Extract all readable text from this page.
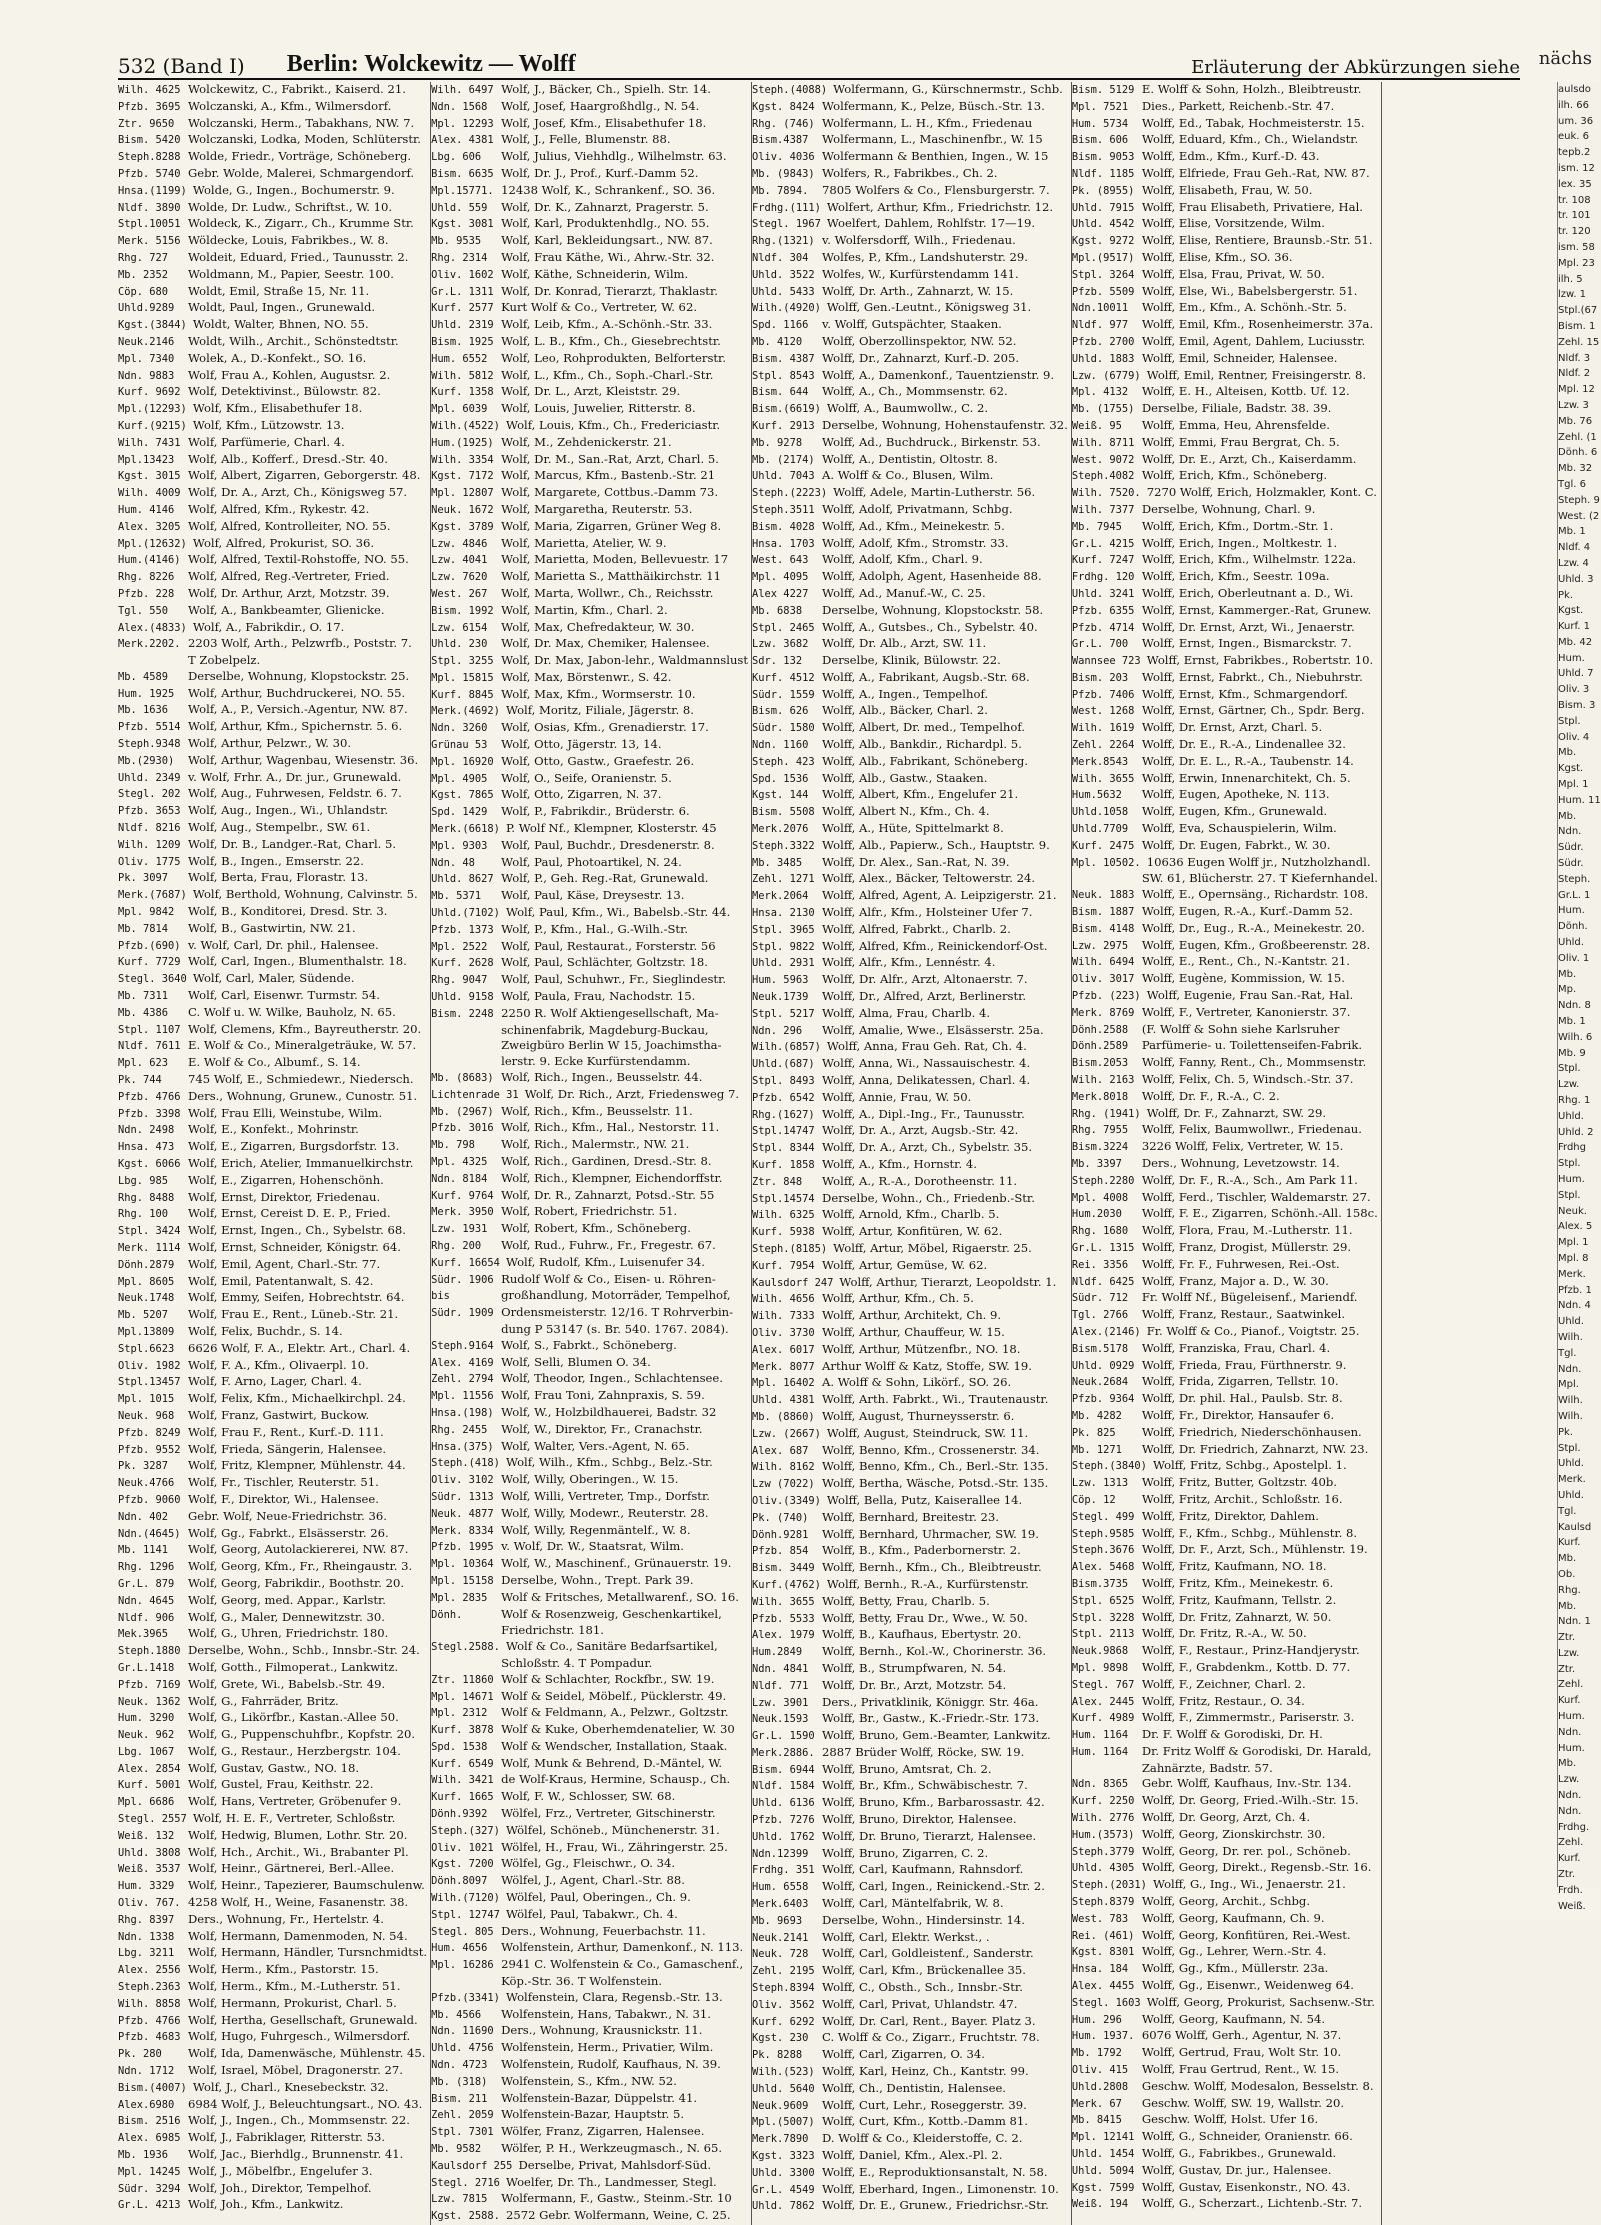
532 (Band I) Berlin: Wolckewitz — Wolff	Erläuterung der Abkürzungen siehe nächs
Wilh. 4625 Wolckewitz, C., Fabrikt., Kaiserd. 21.
Pfzb. 3695 Wolczanski, A., Kfm., Wilmersdorf.
Ztr. 9650	Wolczanski, Herm., Tabakhans, NW. 7.
Bism. 5420 Wolczanski, Lodka, Moden, Schlüterstr.
Steph.8288 Wolde, Friedr., Vorträge, Schöneberg.
Pfzb. 5740 Gebr. Wolde, Malerei, Schmargendorf.
Hnsa.(1199) Wolde, G., Ingen., Bochumerstr. 9.
Nldf. 3890 Wolde, Dr. Ludw., Schriftst., W. 10.
Stpl.10051 Woldeck, K., Zigarr., Ch., Krumme Str.
Merk. 5156 Wöldecke, Louis, Fabrikbes., W. 8.
Rhg. 727	Woldeit, Eduard, Fried., Taunusstr. 2.
Mb. 2352	Woldmann, M., Papier, Seestr. 100.
Cöp. 680	Woldt, Emil, Straße 15, Nr. 11.
Uhld.9289	Woldt, Paul, Ingen., Grunewald.
Kgst.(3844) Woldt, Walter, Bhnen, NO. 55.
Neuk.2146	Woldt, Wilh., Archit., Schönstedtstr.
Mpl. 7340	Wolek, A., D.-Konfekt., SO. 16.
Ndn. 9883	Wolf, Frau A., Kohlen, Augustsr. 2.
Kurf. 9692 Wolf, Detektivinst., Bülowstr. 82.
Mpl.(12293) Wolf, Kfm., Elisabethufer 18.
Kurf.(9215) Wolf, Kfm., Lützowstr. 13.
Wilh. 7431 Wolf, Parfümerie, Charl. 4.
Mpl.13423	Wolf, Alb., Kofferf., Dresd.-Str. 40.
Kgst. 3015 Wolf, Albert, Zigarren, Geborgerstr. 48.
Wilh. 4009 Wolf, Dr. A., Arzt, Ch., Königsweg 57.
Hum. 4146	Wolf, Alfred, Kfm., Rykestr. 42.
Alex. 3205 Wolf, Alfred, Kontrolleiter, NO. 55.
Mpl.(12632) Wolf, Alfred, Prokurist, SO. 36.
Hum.(4146) Wolf, Alfred, Textil-Rohstoffe, NO. 55.
Rhg. 8226	Wolf, Alfred, Reg.-Vertreter, Fried.
Pfzb. 228	Wolf, Dr. Arthur, Arzt, Motzstr. 39.
Tgl. 550	Wolf, A., Bankbeamter, Glienicke.
Alex.(4833) Wolf, A., Fabrikdir., O. 17.
Merk.2202. 2203 Wolf, Arth., Pelzwrfb., Poststr. 7.
T Zobelpelz.
Mb. 4589	Derselbe, Wohnung, Klopstockstr. 25.
Hum. 1925	Wolf, Arthur, Buchdruckerei, NO. 55.
Mb. 1636	Wolf, A., P., Versich.-Agentur, NW. 87.
Pfzb. 5514 Wolf, Arthur, Kfm., Spichernstr. 5. 6.
Steph.9348 Wolf, Arthur, Pelzwr., W. 30.
Mb.(2930)	Wolf, Arthur, Wagenbau, Wiesenstr. 36.
Uhld. 2349 v. Wolf, Frhr. A., Dr. jur., Grunewald.
Stegl. 202 Wolf, Aug., Fuhrwesen, Feldstr. 6. 7.
Pfzb. 3653 Wolf, Aug., Ingen., Wi., Uhlandstr.
Nldf. 8216 Wolf, Aug., Stempelbr., SW. 61.
Wilh. 1209 Wolf, Dr. B., Landger.-Rat, Charl. 5.
Oliv. 1775 Wolf, B., Ingen., Emserstr. 22.
Pk. 3097	Wolf, Berta, Frau, Florastr. 13.
Merk.(7687) Wolf, Berthold, Wohnung, Calvinstr. 5.
Mpl. 9842	Wolf, B., Konditorei, Dresd. Str. 3.
Mb. 7814	Wolf, B., Gastwirtin, NW. 21.
Pfzb.(690) v. Wolf, Carl, Dr. phil., Halensee.
Kurf. 7729 Wolf, Carl, Ingen., Blumenthalstr. 18.
Stegl. 3640 Wolf, Carl, Maler, Südende.
Mb. 7311	Wolf, Carl, Eisenwr. Turmstr. 54.
Mb. 4386	C. Wolf u. W. Wilke, Bauholz, N. 65.
Stpl. 1107 Wolf, Clemens, Kfm., Bayreutherstr. 20.
Nldf. 7611 E. Wolf & Co., Mineralgeträuke, W. 57.
Mpl. 623	E. Wolf & Co., Albumf., S. 14.
Pk. 744	745 Wolf, E., Schmiedewr., Niedersch.
Pfzb. 4766 Ders., Wohnung, Grunew., Cunostr. 51.
Pfzb. 3398 Wolf, Frau Elli, Weinstube, Wilm.
Ndn. 2498	Wolf, E., Konfekt., Mohrinstr.
Hnsa. 473	Wolf, E., Zigarren, Burgsdorfstr. 13.
Kgst. 6066 Wolf, Erich, Atelier, Immanuelkirchstr.
Lbg. 985	Wolf, E., Zigarren, Hohenschönh.
Rhg. 8488	Wolf, Ernst, Direktor, Friedenau.
Rhg. 100	Wolf, Ernst, Cereist D. E. P., Fried.
Stpl. 3424 Wolf, Ernst, Ingen., Ch., Sybelstr. 68.
Merk. 1114 Wolf, Ernst, Schneider, Königstr. 64.
Dönh.2879	Wolf, Emil, Agent, Charl.-Str. 77.
Mpl. 8605	Wolf, Emil, Patentanwalt, S. 42.
Neuk.1748	Wolf, Emmy, Seifen, Hobrechtstr. 64.
Mb. 5207	Wolf, Frau E., Rent., Lüneb.-Str. 21.
Mpl.13809	Wolf, Felix, Buchdr., S. 14.
Stpl.6623	6626 Wolf, F. A., Elektr. Art., Charl. 4.
Oliv. 1982 Wolf, F. A., Kfm., Olivaerpl. 10.
Stpl.13457 Wolf, F. Arno, Lager, Charl. 4.
Mpl. 1015	Wolf, Felix, Kfm., Michaelkirchpl. 24.
Neuk. 968	Wolf, Franz, Gastwirt, Buckow.
Pfzb. 8249 Wolf, Frau F., Rent., Kurf.-D. 111.
Pfzb. 9552 Wolf, Frieda, Sängerin, Halensee.
Pk. 3287	Wolf, Fritz, Klempner, Mühlenstr. 44.
Neuk.4766	Wolf, Fr., Tischler, Reuterstr. 51.
Pfzb. 9060 Wolf, F., Direktor, Wi., Halensee.
Ndn. 402	Gebr. Wolf, Neue-Friedrichstr. 36.
Ndn.(4645) Wolf, Gg., Fabrkt., Elsässerstr. 26.
Mb. 1141	Wolf, Georg, Autolackiererei, NW. 87.
Rhg. 1296	Wolf, Georg, Kfm., Fr., Rheingaustr. 3.
Gr.L. 879	Wolf, Georg, Fabrikdir., Boothstr. 20.
Ndn. 4645	Wolf, Georg, med. Appar., Karlstr.
Nldf. 906	Wolf, G., Maler, Dennewitzstr. 30.
Mek.3965	Wolf, G., Uhren, Friedrichstr. 180.
Steph.1880 Derselbe, Wohn., Schb., Innsbr.-Str. 24.
Gr.L.1418	Wolf, Gotth., Filmoperat., Lankwitz.
Pfzb. 7169 Wolf, Grete, Wi., Babelsb.-Str. 49.
Neuk. 1362 Wolf, G., Fahrräder, Britz.
Hum. 3290	Wolf, G., Likörfbr., Kastan.-Allee 50.
Neuk. 962	Wolf, G., Puppenschuhfbr., Kopfstr. 20.
Lbg. 1067	Wolf, G., Restaur., Herzbergstr. 104.
Alex. 2854 Wolf, Gustav, Gastw., NO. 18.
Kurf. 5001 Wolf, Gustel, Frau, Keithstr. 22.
Mpl. 6686	Wolf, Hans, Vertreter, Gröbenufer 9.
Stegl. 2557 Wolf, H. E. F., Vertreter, Schloßstr.
Weiß. 132	Wolf, Hedwig, Blumen, Lothr. Str. 20.
Uhld. 3808 Wolf, Hch., Archit., Wi., Brabanter Pl.
Weiß. 3537 Wolf, Heinr., Gärtnerei, Berl.-Allee.
Hum. 3329	Wolf, Heinr., Tapezierer, Baumschulenw.
Oliv. 767. 4258 Wolf, H., Weine, Fasanenstr. 38.
Rhg. 8397	Ders., Wohnung, Fr., Hertelstr. 4.
Ndn. 1338	Wolf, Hermann, Damenmoden, N. 54.
Lbg. 3211	Wolf, Hermann, Händler, Tursnchmidtst.
Alex. 2556 Wolf, Herm., Kfm., Pastorstr. 15.
Steph.2363 Wolf, Herm., Kfm., M.-Lutherstr. 51.
Wilh. 8858 Wolf, Hermann, Prokurist, Charl. 5.
Pfzb. 4766 Wolf, Hertha, Gesellschaft, Grunewald.
Pfzb. 4683 Wolf, Hugo, Fuhrgesch., Wilmersdorf.
Pk. 280	Wolf, Ida, Damenwäsche, Mühlenstr. 45.
Ndn. 1712	Wolf, Israel, Möbel, Dragonerstr. 27.
Bism.(4007) Wolf, J., Charl., Knesebeckstr. 32.
Alex.6980	6984 Wolf, J., Beleuchtungsart., NO. 43.
Bism. 2516 Wolf, J., Ingen., Ch., Mommsenstr. 22.
Alex. 6985 Wolf, J., Fabriklager, Ritterstr. 53.
Mb. 1936	Wolf, Jac., Bierhdlg., Brunnenstr. 41.
Mpl. 14245 Wolf, J., Möbelfbr., Engelufer 3.
Südr. 3294 Wolf, Joh., Direktor, Tempelhof.
Gr.L. 4213 Wolf, Joh., Kfm., Lankwitz.
Wilh. 6497 Wolf, J., Bäcker, Ch., Spielh. Str. 14.
Ndn. 1568	Wolf, Josef, Haargroßhdlg., N. 54.
Mpl. 12293 Wolf, Josef, Kfm., Elisabethufer 18.
Alex. 4381 Wolf, J., Felle, Blumenstr. 88.
Lbg. 606	Wolf, Julius, Viehhdlg., Wilhelmstr. 63.
Bism. 6635 Wolf, Dr. J., Prof., Kurf.-Damm 52.
Mpl.15771. 12438 Wolf, K., Schrankenf., SO. 36.
Uhld. 559	Wolf, Dr. K., Zahnarzt, Pragerstr. 5.
Kgst. 3081 Wolf, Karl, Produktenhdlg., NO. 55.
Mb. 9535	Wolf, Karl, Bekleidungsart., NW. 87.
Rhg. 2314	Wolf, Frau Käthe, Wi., Ahrw.-Str. 32.
Oliv. 1602 Wolf, Käthe, Schneiderin, Wilm.
Gr.L. 1311 Wolf, Dr. Konrad, Tierarzt, Thaklastr.
Kurf. 2577 Kurt Wolf & Co., Vertreter, W. 62.
Uhld. 2319 Wolf, Leib, Kfm., A.-Schönh.-Str. 33.
Bism. 1925 Wolf, L. B., Kfm., Ch., Giesebrechtstr.
Hum. 6552	Wolf, Leo, Rohprodukten, Belforterstr.
Wilh. 5812 Wolf, L., Kfm., Ch., Soph.-Charl.-Str.
Kurf. 1358 Wolf, Dr. L., Arzt, Kleiststr. 29.
Mpl. 6039	Wolf, Louis, Juwelier, Ritterstr. 8.
Wilh.(4522) Wolf, Louis, Kfm., Ch., Fredericiastr.
Hum.(1925) Wolf, M., Zehdenickerstr. 21.
Wilh. 3354 Wolf, Dr. M., San.-Rat, Arzt, Charl. 5.
Kgst. 7172 Wolf, Marcus, Kfm., Bastenb.-Str. 21
Mpl. 12807 Wolf, Margarete, Cottbus.-Damm 73.
Neuk. 1672 Wolf, Margaretha, Reuterstr. 53.
Kgst. 3789 Wolf, Maria, Zigarren, Grüner Weg 8.
Lzw. 4846	Wolf, Marietta, Atelier, W. 9.
Lzw. 4041	Wolf, Marietta, Moden, Bellevuestr. 17
Lzw. 7620	Wolf, Marietta S., Matthäikirchstr. 11
West. 267	Wolf, Marta, Wollwr., Ch., Reichsstr.
Bism. 1992 Wolf, Martin, Kfm., Charl. 2.
Lzw. 6154	Wolf, Max, Chefredakteur, W. 30.
Uhld. 230	Wolf, Dr. Max, Chemiker, Halensee.
Stpl. 3255 Wolf, Dr. Max, Jabon-lehr., Waldmannslust
Mpl. 15815 Wolf, Max, Börstenwr., S. 42.
Kurf. 8845 Wolf, Max, Kfm., Wormserstr. 10.
Merk.(4692) Wolf, Moritz, Filiale, Jägerstr. 8.
Ndn. 3260	Wolf, Osias, Kfm., Grenadierstr. 17.
Grünau 53	Wolf, Otto, Jägerstr. 13, 14.
Mpl. 16920 Wolf, Otto, Gastw., Graefestr. 26.
Mpl. 4905	Wolf, O., Seife, Oranienstr. 5.
Kgst. 7865 Wolf, Otto, Zigarren, N. 37.
Spd. 1429	Wolf, P., Fabrikdir., Brüderstr. 6.
Merk.(6618) P. Wolf Nf., Klempner, Klosterstr. 45
Mpl. 9303	Wolf, Paul, Buchdr., Dresdenerstr. 8.
Ndn. 48	Wolf, Paul, Photoartikel, N. 24.
Uhld. 8627 Wolf, P., Geh. Reg.-Rat, Grunewald.
Mb. 5371	Wolf, Paul, Käse, Dreysestr. 13.
Uhld.(7102) Wolf, Paul, Kfm., Wi., Babelsb.-Str. 44.
Pfzb. 1373 Wolf, P., Kfm., Hal., G.-Wilh.-Str.
Mpl. 2522	Wolf, Paul, Restaurat., Forsterstr. 56
Kurf. 2628 Wolf, Paul, Schlächter, Goltzstr. 18.
Rhg. 9047	Wolf, Paul, Schuhwr., Fr., Sieglindestr.
Uhld. 9158 Wolf, Paula, Frau, Nachodstr. 15.
Bism. 2248 2250 R. Wolf Aktiengesellschaft, Ma-
schinenfabrik, Magdeburg-Buckau,
Zweigbüro Berlin W 15, Joachimstha-
lerstr. 9. Ecke Kurfürstendamm.
Mb. (8683) Wolf, Rich., Ingen., Beusselstr. 44.
Lichtenrade 31 Wolf, Dr. Rich., Arzt, Friedensweg 7.
Mb. (2967) Wolf, Rich., Kfm., Beusselstr. 11.
Pfzb. 3016 Wolf, Rich., Kfm., Hal., Nestorstr. 11.
Mb. 798	Wolf, Rich., Malermstr., NW. 21.
Mpl. 4325	Wolf, Rich., Gardinen, Dresd.-Str. 8.
Ndn. 8184	Wolf, Rich., Klempner, Eichendorffstr.
Kurf. 9764 Wolf, Dr. R., Zahnarzt, Potsd.-Str. 55
Merk. 3950 Wolf, Robert, Friedrichstr. 51.
Lzw. 1931	Wolf, Robert, Kfm., Schöneberg.
Rhg. 200	Wolf, Rud., Fuhrw., Fr., Fregestr. 67.
Kurf. 16654 Wolf, Rudolf, Kfm., Luisenufer 34.
Südr. 1906 Rudolf Wolf & Co., Eisen- u. Röhren-
bis	großhandlung, Motorräder, Tempelhof,
Südr. 1909 Ordensmeisterstr. 12/16. T Rohrverbin-
dung P 53147 (s. Br. 540. 1767. 2084).
Steph.9164 Wolf, S., Fabrkt., Schöneberg.
Alex. 4169 Wolf, Selli, Blumen O. 34.
Zehl. 2794 Wolf, Theodor, Ingen., Schlachtensee.
Mpl. 11556 Wolf, Frau Toni, Zahnpraxis, S. 59.
Hnsa.(198) Wolf, W., Holzbildhauerei, Badstr. 32
Rhg. 2455	Wolf, W., Direktor, Fr., Cranachstr.
Hnsa.(375) Wolf, Walter, Vers.-Agent, N. 65.
Steph.(418) Wolf, Wilh., Kfm., Schbg., Belz.-Str.
Oliv. 3102 Wolf, Willy, Oberingen., W. 15.
Südr. 1313 Wolf, Willi, Vertreter, Tmp., Dorfstr.
Neuk. 4877 Wolf, Willy, Modewr., Reuterstr. 28.
Merk. 8334 Wolf, Willy, Regenmäntelf., W. 8.
Pfzb. 1995 v. Wolf, Dr. W., Staatsrat, Wilm.
Mpl. 10364 Wolf, W., Maschinenf., Grünauerstr. 19.
Mpl. 15158 Derselbe, Wohn., Trept. Park 39.
Mpl. 2835	Wolf & Fritsches, Metallwarenf., SO. 16.
Dönh.	Wolf & Rosenzweig, Geschenkartikel,
Friedrichstr. 181.
Stegl.2588. Wolf & Co., Sanitäre Bedarfsartikel,
Schloßstr. 4. T Pompadur.
Ztr. 11860 Wolf & Schlachter, Rockfbr., SW. 19.
Mpl. 14671 Wolf & Seidel, Möbelf., Pücklerstr. 49.
Mpl. 2312	Wolf & Feldmann, A., Pelzwr., Goltzstr.
Kurf. 3878 Wolf & Kuke, Oberhemdenatelier, W. 30
Spd. 1538	Wolf & Wendscher, Installation, Staak.
Kurf. 6549 Wolf, Munk & Behrend, D.-Mäntel, W.
Wilh. 3421 de Wolf-Kraus, Hermine, Schausp., Ch.
Kurf. 1665 Wolf, F. W., Schlosser, SW. 68.
Dönh.9392	Wölfel, Frz., Vertreter, Gitschinerstr.
Steph.(327) Wölfel, Schöneb., Münchenerstr. 31.
Oliv. 1021 Wölfel, H., Frau, Wi., Zähringerstr. 25.
Kgst. 7200 Wölfel, Gg., Fleischwr., O. 34.
Dönh.8097	Wölfel, J., Agent, Charl.-Str. 88.
Wilh.(7120) Wölfel, Paul, Oberingen., Ch. 9.
Stpl. 12747 Wölfel, Paul, Tabakwr., Ch. 4.
Stegl. 805 Ders., Wohnung, Feuerbachstr. 11.
Hum. 4656	Wolfenstein, Arthur, Damenkonf., N. 113.
Mpl. 16286 2941 C. Wolfenstein & Co., Gamaschenf.,
Köp.-Str. 36. T Wolfenstein.
Pfzb.(3341) Wolfenstein, Clara, Regensb.-Str. 13.
Mb. 4566	Wolfenstein, Hans, Tabakwr., N. 31.
Ndn. 11690 Ders., Wohnung, Krausnickstr. 11.
Uhld. 4756 Wolfenstein, Herm., Privatier, Wilm.
Ndn. 4723	Wolfenstein, Rudolf, Kaufhaus, N. 39.
Mb. (318)	Wolfenstein, S., Kfm., NW. 52.
Bism. 211	Wolfenstein-Bazar, Düppelstr. 41.
Zehl. 2059 Wolfenstein-Bazar, Hauptstr. 5.
Stpl. 7301 Wölfer, Franz, Zigarren, Halensee.
Mb. 9582	Wölfer, P. H., Werkzeugmasch., N. 65.
Kaulsdorf 255 Derselbe, Privat, Mahlsdorf-Süd.
Stegl. 2716 Woelfer, Dr. Th., Landmesser, Stegl.
Lzw. 7815	Wolfermann, F., Gastw., Steinm.-Str. 10
Kgst. 2588. 2572 Gebr. Wolfermann, Weine, C. 25.
Steph.(4088) Wolfermann, G., Kürschnermstr., Schb.
Kgst. 8424 Wolfermann, K., Pelze, Büsch.-Str. 13.
Rhg. (746) Wolfermann, L. H., Kfm., Friedenau
Bism.4387	Wolfermann, L., Maschinenfbr., W. 15
Oliv. 4036 Wolfermann & Benthien, Ingen., W. 15
Mb. (9843) Wolfers, R., Fabrikbes., Ch. 2.
Mb. 7894.	7805 Wolfers & Co., Flensburgerstr. 7.
Frdhg.(111) Wolfert, Arthur, Kfm., Friedrichstr. 12.
Stegl. 1967 Woelfert, Dahlem, Rohlfstr. 17—19.
Rhg.(1321) v. Wolfersdorff, Wilh., Friedenau.
Nldf. 304	Wolfes, P., Kfm., Landshuterstr. 29.
Uhld. 3522 Wolfes, W., Kurfürstendamm 141.
Uhld. 5433 Wolff, Dr. Arth., Zahnarzt, W. 15.
Wilh.(4920) Wolff, Gen.-Leutnt., Königsweg 31.
Spd. 1166	v. Wolff, Gutspächter, Staaken.
Mb. 4120	Wolff, Oberzollinspektor, NW. 52.
Bism. 4387 Wolff, Dr., Zahnarzt, Kurf.-D. 205.
Stpl. 8543 Wolff, A., Damenkonf., Tauentzienstr. 9.
Bism. 644	Wolff, A., Ch., Mommsenstr. 62.
Bism.(6619) Wolff, A., Baumwollw., C. 2.
Kurf. 2913 Derselbe, Wohnung, Hohenstaufenstr. 32.
Mb. 9278	Wolff, Ad., Buchdruck., Birkenstr. 53.
Mb. (2174) Wolff, A., Dentistin, Oltostr. 8.
Uhld. 7043 A. Wolff & Co., Blusen, Wilm.
Steph.(2223) Wolff, Adele, Martin-Lutherstr. 56.
Steph.3511 Wolff, Adolf, Privatmann, Schbg.
Bism. 4028 Wolff, Ad., Kfm., Meinekestr. 5.
Hnsa. 1703 Wolff, Adolf, Kfm., Stromstr. 33.
West. 643	Wolff, Adolf, Kfm., Charl. 9.
Mpl. 4095	Wolff, Adolph, Agent, Hasenheide 88.
Alex 4227	Wolff, Ad., Manuf.-W., C. 25.
Mb. 6838	Derselbe, Wohnung, Klopstockstr. 58.
Stpl. 2465 Wolff, A., Gutsbes., Ch., Sybelstr. 40.
Lzw. 3682	Wolff, Dr. Alb., Arzt, SW. 11.
Sdr. 132	Derselbe, Klinik, Bülowstr. 22.
Kurf. 4512 Wolff, A., Fabrikant, Augsb.-Str. 68.
Südr. 1559 Wolff, A., Ingen., Tempelhof.
Bism. 626	Wolff, Alb., Bäcker, Charl. 2.
Südr. 1580 Wolff, Albert, Dr. med., Tempelhof.
Ndn. 1160	Wolff, Alb., Bankdir., Richardpl. 5.
Steph. 423 Wolff, Alb., Fabrikant, Schöneberg.
Spd. 1536	Wolff, Alb., Gastw., Staaken.
Kgst. 144	Wolff, Albert, Kfm., Engelufer 21.
Bism. 5508 Wolff, Albert N., Kfm., Ch. 4.
Merk.2076	Wolff, A., Hüte, Spittelmarkt 8.
Steph.3322 Wolff, Alb., Papierw., Sch., Hauptstr. 9.
Mb. 3485	Wolff, Dr. Alex., San.-Rat, N. 39.
Zehl. 1271 Wolff, Alex., Bäcker, Teltowerstr. 24.
Merk.2064	Wolff, Alfred, Agent, A. Leipzigerstr. 21.
Hnsa. 2130 Wolff, Alfr., Kfm., Holsteiner Ufer 7.
Stpl. 3965 Wolff, Alfred, Fabrkt., Charlb. 2.
Stpl. 9822 Wolff, Alfred, Kfm., Reinickendorf-Ost.
Uhld. 2931 Wolff, Alfr., Kfm., Lennéstr. 4.
Hum. 5963	Wolff, Dr. Alfr., Arzt, Altonaerstr. 7.
Neuk.1739	Wolff, Dr., Alfred, Arzt, Berlinerstr.
Stpl. 5217 Wolff, Alma, Frau, Charlb. 4.
Ndn. 296	Wolff, Amalie, Wwe., Elsässerstr. 25a.
Wilh.(6857) Wolff, Anna, Frau Geh. Rat, Ch. 4.
Uhld.(687) Wolff, Anna, Wi., Nassauischestr. 4.
Stpl. 8493 Wolff, Anna, Delikatessen, Charl. 4.
Pfzb. 6542 Wolff, Annie, Frau, W. 50.
Rhg.(1627) Wolff, A., Dipl.-Ing., Fr., Taunusstr.
Stpl.14747 Wolff, Dr. A., Arzt, Augsb.-Str. 42.
Stpl. 8344 Wolff, Dr. A., Arzt, Ch., Sybelstr. 35.
Kurf. 1858 Wolff, A., Kfm., Hornstr. 4.
Ztr. 848	Wolff, A., R.-A., Dorotheenstr. 11.
Stpl.14574 Derselbe, Wohn., Ch., Friedenb.-Str.
Wilh. 6325 Wolff, Arnold, Kfm., Charlb. 5.
Kurf. 5938 Wolff, Artur, Konfitüren, W. 62.
Steph.(8185) Wolff, Artur, Möbel, Rigaerstr. 25.
Kurf. 7954 Wolff, Artur, Gemüse, W. 62.
Kaulsdorf 247 Wolff, Arthur, Tierarzt, Leopoldstr. 1.
Wilh. 4656 Wolff, Arthur, Kfm., Ch. 5.
Wilh. 7333 Wolff, Arthur, Architekt, Ch. 9.
Oliv. 3730 Wolff, Arthur, Chauffeur, W. 15.
Alex. 6017 Wolff, Arthur, Mützenfbr., NO. 18.
Merk. 8077 Arthur Wolff & Katz, Stoffe, SW. 19.
Mpl. 16402 A. Wolff & Sohn, Likörf., SO. 26.
Uhld. 4381 Wolff, Arth. Fabrkt., Wi., Trautenaustr.
Mb. (8860) Wolff, August, Thurneysserstr. 6.
Lzw. (2667) Wolff, August, Steindruck, SW. 11.
Alex. 687	Wolff, Benno, Kfm., Crossenerstr. 34.
Wilh. 8162 Wolff, Benno, Kfm., Ch., Berl.-Str. 135.
Lzw (7022) Wolff, Bertha, Wäsche, Potsd.-Str. 135.
Oliv.(3349) Wolff, Bella, Putz, Kaiserallee 14.
Pk. (740)	Wolff, Bernhard, Breitestr. 23.
Dönh.9281	Wolff, Bernhard, Uhrmacher, SW. 19.
Pfzb. 854	Wolff, B., Kfm., Paderbornerstr. 2.
Bism. 3449 Wolff, Bernh., Kfm., Ch., Bleibtreustr.
Kurf.(4762) Wolff, Bernh., R.-A., Kurfürstenstr.
Wilh. 3655 Wolff, Betty, Frau, Charlb. 5.
Pfzb. 5533 Wolff, Betty, Frau Dr., Wwe., W. 50.
Alex. 1979 Wolff, B., Kaufhaus, Ebertystr. 20.
Hum.2849	Wolff, Bernh., Kol.-W., Chorinerstr. 36.
Ndn. 4841	Wolff, B., Strumpfwaren, N. 54.
Nldf. 771	Wolff, Dr. Br., Arzt, Motzstr. 54.
Lzw. 3901	Ders., Privatklinik, Königgr. Str. 46a.
Neuk.1593	Wolff, Br., Gastw., K.-Friedr.-Str. 173.
Gr.L. 1590 Wolff, Bruno, Gem.-Beamter, Lankwitz.
Merk.2886. 2887 Brüder Wolff, Röcke, SW. 19.
Bism. 6944 Wolff, Bruno, Amtsrat, Ch. 2.
Nldf. 1584 Wolff, Br., Kfm., Schwäbischestr. 7.
Uhld. 6136 Wolff, Bruno, Kfm., Barbarossastr. 42.
Pfzb. 7276 Wolff, Bruno, Direktor, Halensee.
Uhld. 1762 Wolff, Dr. Bruno, Tierarzt, Halensee.
Ndn.12399	Wolff, Bruno, Zigarren, C. 2.
Frdhg. 351 Wolff, Carl, Kaufmann, Rahnsdorf.
Hum. 6558	Wolff, Carl, Ingen., Reinickend.-Str. 2.
Merk.6403	Wolff, Carl, Mäntelfabrik, W. 8.
Mb. 9693	Derselbe, Wohn., Hindersinstr. 14.
Neuk.2141	Wolff, Carl, Elektr. Werkst., .
Neuk. 728	Wolff, Carl, Goldleistenf., Sanderstr.
Zehl. 2195 Wolff, Carl, Kfm., Brückenallee 35.
Steph.8394 Wolff, C., Obsth., Sch., Innsbr.-Str.
Oliv. 3562 Wolff, Carl, Privat, Uhlandstr. 47.
Kurf. 6292 Wolff, Dr. Carl, Rent., Bayer. Platz 3.
Kgst. 230	C. Wolff & Co., Zigarr., Fruchtstr. 78.
Pk. 8288	Wolff, Carl, Zigarren, O. 34.
Wilh.(523) Wolff, Karl, Heinz, Ch., Kantstr. 99.
Uhld. 5640 Wolff, Ch., Dentistin, Halensee.
Neuk.9609	Wolff, Curt, Lehr., Roseggerstr. 39.
Mpl.(5007) Wolff, Curt, Kfm., Kottb.-Damm 81.
Merk.7890	D. Wolff & Co., Kleiderstoffe, C. 2.
Kgst. 3323 Wolff, Daniel, Kfm., Alex.-Pl. 2.
Uhld. 3300 Wolff, E., Reproduktionsanstalt, N. 58.
Gr.L. 4549 Wolff, Eberhard, Ingen., Limonenstr. 10.
Uhld. 7862 Wolff, Dr. E., Grunew., Friedrichsr.-Str.
Bism. 5129 E. Wolff & Sohn, Holzh., Bleibtreustr.
Mpl. 7521	Dies., Parkett, Reichenb.-Str. 47.
Hum. 5734	Wolff, Ed., Tabak, Hochmeisterstr. 15.
Bism. 606	Wolff, Eduard, Kfm., Ch., Wielandstr.
Bism. 9053 Wolff, Edm., Kfm., Kurf.-D. 43.
Nldf. 1185 Wolff, Elfriede, Frau Geh.-Rat, NW. 87.
Pk. (8955) Wolff, Elisabeth, Frau, W. 50.
Uhld. 7915 Wolff, Frau Elisabeth, Privatiere, Hal.
Uhld. 4542 Wolff, Elise, Vorsitzende, Wilm.
Kgst. 9272 Wolff, Elise, Rentiere, Braunsb.-Str. 51.
Mpl.(9517) Wolff, Elise, Kfm., SO. 36.
Stpl. 3264 Wolff, Elsa, Frau, Privat, W. 50.
Pfzb. 5509 Wolff, Else, Wi., Babelsbergerstr. 51.
Ndn.10011	Wolff, Em., Kfm., A. Schönh.-Str. 5.
Nldf. 977	Wolff, Emil, Kfm., Rosenheimerstr. 37a.
Pfzb. 2700 Wolff, Emil, Agent, Dahlem, Luciusstr.
Uhld. 1883 Wolff, Emil, Schneider, Halensee.
Lzw. (6779) Wolff, Emil, Rentner, Freisingerstr. 8.
Mpl. 4132	Wolff, E. H., Alteisen, Kottb. Uf. 12.
Mb. (1755) Derselbe, Filiale, Badstr. 38. 39.
Weiß. 95	Wolff, Emma, Heu, Ahrensfelde.
Wilh. 8711 Wolff, Emmi, Frau Bergrat, Ch. 5.
West. 9072 Wolff, Dr. E., Arzt, Ch., Kaiserdamm.
Steph.4082 Wolff, Erich, Kfm., Schöneberg.
Wilh. 7520. 7270 Wolff, Erich, Holzmakler, Kont. C.
Wilh. 7377 Derselbe, Wohnung, Charl. 9.
Mb. 7945	Wolff, Erich, Kfm., Dortm.-Str. 1.
Gr.L. 4215 Wolff, Erich, Ingen., Moltkestr. 1.
Kurf. 7247 Wolff, Erich, Kfm., Wilhelmstr. 122a.
Frdhg. 120 Wolff, Erich, Kfm., Seestr. 109a.
Uhld. 3241 Wolff, Erich, Oberleutnant a. D., Wi.
Pfzb. 6355 Wolff, Ernst, Kammerger.-Rat, Grunew.
Pfzb. 4714 Wolff, Dr. Ernst, Arzt, Wi., Jenaerstr.
Gr.L. 700	Wolff, Ernst, Ingen., Bismarckstr. 7.
Wannsee 723 Wolff, Ernst, Fabrikbes., Robertstr. 10.
Bism. 203	Wolff, Ernst, Fabrkt., Ch., Niebuhrstr.
Pfzb. 7406 Wolff, Ernst, Kfm., Schmargendorf.
West. 1268 Wolff, Ernst, Gärtner, Ch., Spdr. Berg.
Wilh. 1619 Wolff, Dr. Ernst, Arzt, Charl. 5.
Zehl. 2264 Wolff, Dr. E., R.-A., Lindenallee 32.
Merk.8543	Wolff, Dr. E. L., R.-A., Taubenstr. 14.
Wilh. 3655 Wolff, Erwin, Innenarchitekt, Ch. 5.
Hum.5632	Wolff, Eugen, Apotheke, N. 113.
Uhld.1058	Wolff, Eugen, Kfm., Grunewald.
Uhld.7709	Wolff, Eva, Schauspielerin, Wilm.
Kurf. 2475 Wolff, Dr. Eugen, Fabrkt., W. 30.
Mpl. 10502. 10636 Eugen Wolff jr., Nutzholzhandl.
SW. 61, Blücherstr. 27. T Kiefernhandel.
Neuk. 1883 Wolff, E., Opernsäng., Richardstr. 108.
Bism. 1887 Wolff, Eugen, R.-A., Kurf.-Damm 52.
Bism. 4148 Wolff, Dr., Eug., R.-A., Meinekestr. 20.
Lzw. 2975	Wolff, Eugen, Kfm., Großbeerenstr. 28.
Wilh. 6494 Wolff, E., Rent., Ch., N.-Kantstr. 21.
Oliv. 3017 Wolff, Eugène, Kommission, W. 15.
Pfzb. (223) Wolff, Eugenie, Frau San.-Rat, Hal.
Merk. 8769 Wolff, F., Vertreter, Kanonierstr. 37.
Dönh.2588	(F. Wolff & Sohn siehe Karlsruher
Dönh.2589	Parfümerie- u. Toilettenseifen-Fabrik.
Bism.2053	Wolff, Fanny, Rent., Ch., Mommsenstr.
Wilh. 2163 Wolff, Felix, Ch. 5, Windsch.-Str. 37.
Merk.8018	Wolff, Dr. F., R.-A., C. 2.
Rhg. (1941) Wolff, Dr. F., Zahnarzt, SW. 29.
Rhg. 7955	Wolff, Felix, Baumwollwr., Friedenau.
Bism.3224	3226 Wolff, Felix, Vertreter, W. 15.
Mb. 3397	Ders., Wohnung, Levetzowstr. 14.
Steph.2280 Wolff, Dr. F., R.-A., Sch., Am Park 11.
Mpl. 4008	Wolff, Ferd., Tischler, Waldemarstr. 27.
Hum.2030	Wolff, F. E., Zigarren, Schönh.-All. 158c.
Rhg. 1680	Wolff, Flora, Frau, M.-Lutherstr. 11.
Gr.L. 1315 Wolff, Franz, Drogist, Müllerstr. 29.
Rei. 3356	Wolff, Fr. F., Fuhrwesen, Rei.-Ost.
Nldf. 6425 Wolff, Franz, Major a. D., W. 30.
Südr. 712	Fr. Wolff Nf., Bügeleisenf., Mariendf.
Tgl. 2766	Wolff, Franz, Restaur., Saatwinkel.
Alex.(2146) Fr. Wolff & Co., Pianof., Voigtstr. 25.
Bism.5178	Wolff, Franziska, Frau, Charl. 4.
Uhld. 0929 Wolff, Frieda, Frau, Fürthnerstr. 9.
Neuk.2684	Wolff, Frida, Zigarren, Tellstr. 10.
Pfzb. 9364 Wolff, Dr. phil. Hal., Paulsb. Str. 8.
Mb. 4282	Wolff, Fr., Direktor, Hansaufer 6.
Pk. 825	Wolff, Friedrich, Niederschönhausen.
Mb. 1271	Wolff, Dr. Friedrich, Zahnarzt, NW. 23.
Steph.(3840) Wolff, Fritz, Schbg., Apostelpl. 1.
Lzw. 1313	Wolff, Fritz, Butter, Goltzstr. 40b.
Cöp. 12	Wolff, Fritz, Archit., Schloßstr. 16.
Stegl. 499 Wolff, Fritz, Direktor, Dahlem.
Steph.9585 Wolff, F., Kfm., Schbg., Mühlenstr. 8.
Steph.3676 Wolff, Dr. F., Arzt, Sch., Mühlenstr. 19.
Alex. 5468 Wolff, Fritz, Kaufmann, NO. 18.
Bism.3735	Wolff, Fritz, Kfm., Meinekestr. 6.
Stpl. 6525 Wolff, Fritz, Kaufmann, Tellstr. 2.
Stpl. 3228 Wolff, Dr. Fritz, Zahnarzt, W. 50.
Stpl. 2113 Wolff, Dr. Fritz, R.-A., W. 50.
Neuk.9868	Wolff, F., Restaur., Prinz-Handjerystr.
Mpl. 9898	Wolff, F., Grabdenkm., Kottb. D. 77.
Stegl. 767 Wolff, F., Zeichner, Charl. 2.
Alex. 2445 Wolff, Fritz, Restaur., O. 34.
Kurf. 4989 Wolff, F., Zimmermstr., Pariserstr. 3.
Hum. 1164	Dr. F. Wolff & Gorodiski, Dr. H.
Hum. 1164	Dr. Fritz Wolff & Gorodiski, Dr. Harald,
Zahnärzte, Badstr. 57.
Ndn. 8365	Gebr. Wolff, Kaufhaus, Inv.-Str. 134.
Kurf. 2250 Wolff, Dr. Georg, Fried.-Wilh.-Str. 15.
Wilh. 2776 Wolff, Dr. Georg, Arzt, Ch. 4.
Hum.(3573) Wolff, Georg, Zionskirchstr. 30.
Steph.3779 Wolff, Georg, Dr. rer. pol., Schöneb.
Uhld. 4305 Wolff, Georg, Direkt., Regensb.-Str. 16.
Steph.(2031) Wolff, G., Ing., Wi., Jenaerstr. 21.
Steph.8379 Wolff, Georg, Archit., Schbg.
West. 783	Wolff, Georg, Kaufmann, Ch. 9.
Rei. (461) Wolff, Georg, Konfitüren, Rei.-West.
Kgst. 8301 Wolff, Gg., Lehrer, Wern.-Str. 4.
Hnsa. 184	Wolff, Gg., Kfm., Müllerstr. 23a.
Alex. 4455 Wolff, Gg., Eisenwr., Weidenweg 64.
Stegl. 1603 Wolff, Georg, Prokurist, Sachsenw.-Str.
Hum. 296	Wolff, Georg, Kaufmann, N. 54.
Hum. 1937. 6076 Wolff, Gerh., Agentur, N. 37.
Mb. 1792	Wolff, Gertrud, Frau, Wolt Str. 10.
Oliv. 415	Wolff, Frau Gertrud, Rent., W. 15.
Uhld.2808	Geschw. Wolff, Modesalon, Besselstr. 8.
Merk. 67	Geschw. Wolff, SW. 19, Wallstr. 20.
Mb. 8415	Geschw. Wolff, Holst. Ufer 16.
Mpl. 12141 Wolff, G., Schneider, Oranienstr. 66.
Uhld. 1454 Wolff, G., Fabrikbes., Grunewald.
Uhld. 5094 Wolff, Gustav, Dr. jur., Halensee.
Kgst. 7599 Wolff, Gustav, Eisenkonstr., NO. 43.
Weiß. 194	Wolff, G., Scherzart., Lichtenb.-Str. 7.
aulsdo
ilh. 66
um. 36
euk. 6
tepb.2
ism. 12
lex. 35
tr. 108
tr. 101
tr. 120
ism. 58
Mpl. 23
ilh. 5
lzw. 1
Stpl.(67
Bism. 1
Zehl. 15
Nldf. 3
Nldf. 2
Mpl. 12
Lzw. 3
Mb. 76
Zehl. (1
Dönh. 6
Mb. 32
Tgl. 6
Steph. 9
West. (2
Mb. 1
Nldf. 4
Lzw. 4
Uhld. 3
Pk.
Kgst.
Kurf. 1
Mb. 42
Hum.
Uhld. 7
Oliv. 3
Bism. 3
Stpl.
Oliv. 4
Mb.
Kgst.
Mpl. 1
Hum. 11
Mb.
Ndn.
Südr.
Südr.
Steph.
Gr.L. 1
Hum.
Dönh.
Uhld.
Oliv. 1
Mb.
Mp.
Ndn. 8
Mb. 1
Wilh. 6
Mb. 9
Stpl.
Lzw.
Rhg. 1
Uhld.
Uhld. 2
Frdhg
Stpl.
Hum.
Stpl.
Neuk.
Alex. 5
Mpl. 1
Mpl. 8
Merk.
Pfzb. 1
Ndn. 4
Uhld.
Wilh.
Tgl.
Ndn.
Mpl.
Wilh.
Wilh.
Pk.
Stpl.
Uhld.
Merk.
Uhld.
Tgl.
Kaulsd
Kurf.
Mb.
Ob.
Rhg.
Mb.
Ndn. 1
Ztr.
Lzw.
Ztr.
Zehl.
Kurf.
Hum.
Ndn.
Hum.
Mb.
Lzw.
Ndn.
Ndn.
Frdhg.
Zehl.
Kurf.
Ztr.
Frdh.
Weiß.
